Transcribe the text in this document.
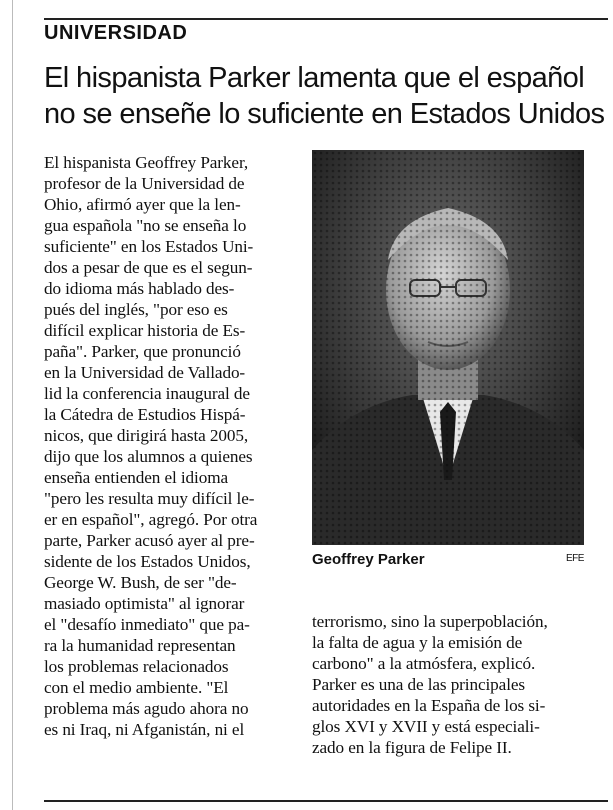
UNIVERSIDAD
El hispanista Parker lamenta que el español
no se enseñe lo suficiente en Estados Unidos
El hispanista Geoffrey Parker,
profesor de la Universidad de
Ohio, afirmó ayer que la len-
gua española "no se enseña lo
suficiente" en los Estados Uni-
dos a pesar de que es el segun-
do idioma más hablado des-
pués del inglés, "por eso es
difícil explicar historia de Es-
paña". Parker, que pronunció
en la Universidad de Vallado-
lid la conferencia inaugural de
la Cátedra de Estudios Hispá-
nicos, que dirigirá hasta 2005,
dijo que los alumnos a quienes
enseña entienden el idioma
"pero les resulta muy difícil le-
er en español", agregó. Por otra
parte, Parker acusó ayer al pre-
sidente de los Estados Unidos,
George W. Bush, de ser "de-
masiado optimista" al ignorar
el "desafío inmediato" que pa-
ra la humanidad representan
los problemas relacionados
con el medio ambiente. "El
problema más agudo ahora no
es ni Iraq, ni Afganistán, ni el
Geoffrey Parker	EFE
terrorismo, sino la superpoblación,
la falta de agua y la emisión de
carbono" a la atmósfera, explicó.
Parker es una de las principales
autoridades en la España de los si-
glos XVI y XVII y está especiali-
zado en la figura de Felipe II.
